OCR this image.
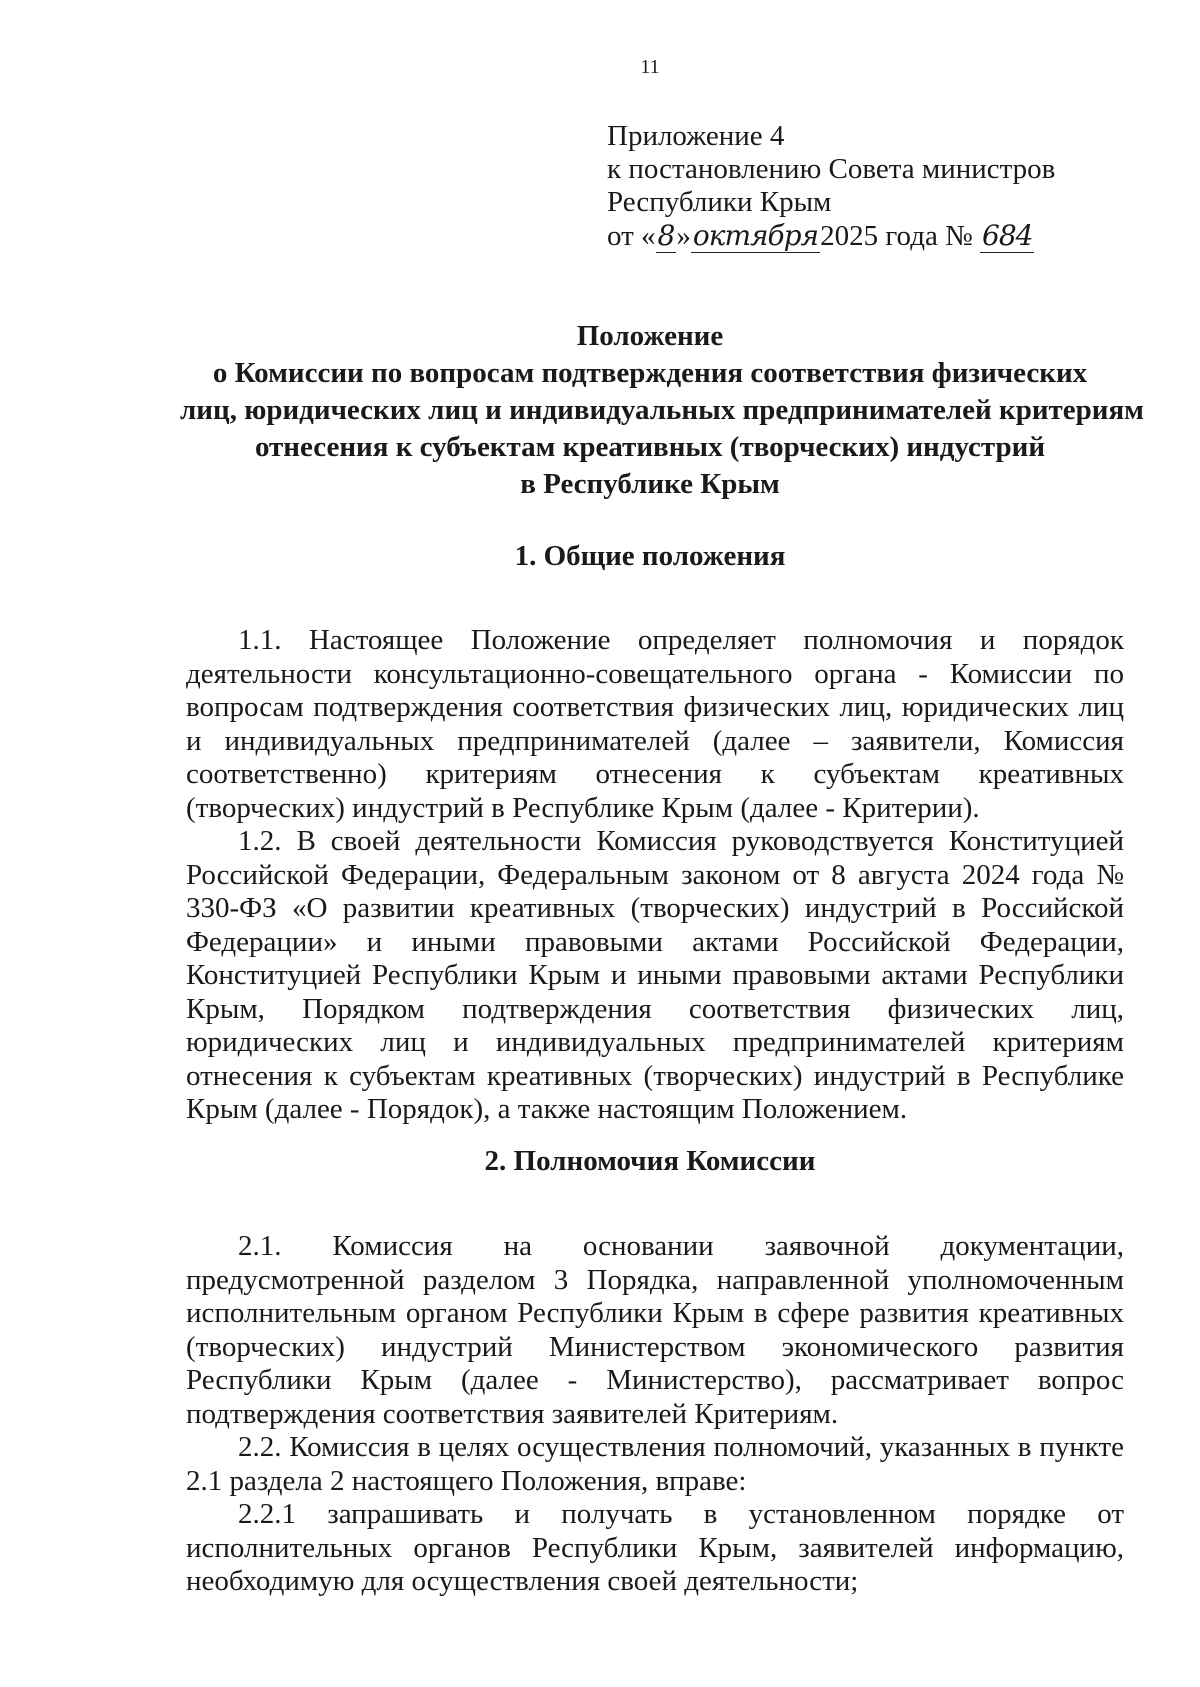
11
Приложение 4
к постановлению Совета министров
Республики Крым
от «8»октября2025 года № 684
Положение
о Комиссии по вопросам подтверждения соответствия физических
лиц, юридических лиц и индивидуальных предпринимателей критериям
отнесения к субъектам креативных (творческих) индустрий
в Республике Крым
1. Общие положения

1.1. Настоящее Положение определяет полномочия и порядок деятельности консультационно-совещательного органа - Комиссии по вопросам подтверждения соответствия физических лиц, юридических лиц и индивидуальных предпринимателей (далее – заявители, Комиссия соответственно) критериям отнесения к субъектам креативных (творческих) индустрий в Республике Крым (далее - Критерии).

1.2. В своей деятельности Комиссия руководствуется Конституцией Российской Федерации, Федеральным законом от 8 августа 2024 года № 330-ФЗ «О развитии креативных (творческих) индустрий в Российской Федерации» и иными правовыми актами Российской Федерации, Конституцией Республики Крым и иными правовыми актами Республики Крым, Порядком подтверждения соответствия физических лиц, юридических лиц и индивидуальных предпринимателей критериям отнесения к субъектам креативных (творческих) индустрий в Республике Крым (далее - Порядок), а также настоящим Положением.

2. Полномочия Комиссии

2.1. Комиссия на основании заявочной документации, предусмотренной разделом 3 Порядка, направленной уполномоченным исполнительным органом Республики Крым в сфере развития креативных (творческих) индустрий Министерством экономического развития Республики Крым (далее - Министерство), рассматривает вопрос подтверждения соответствия заявителей Критериям.

2.2. Комиссия в целях осуществления полномочий, указанных в пункте 2.1 раздела 2 настоящего Положения, вправе:

2.2.1 запрашивать и получать в установленном порядке от исполнительных органов Республики Крым, заявителей информацию, необходимую для осуществления своей деятельности;
